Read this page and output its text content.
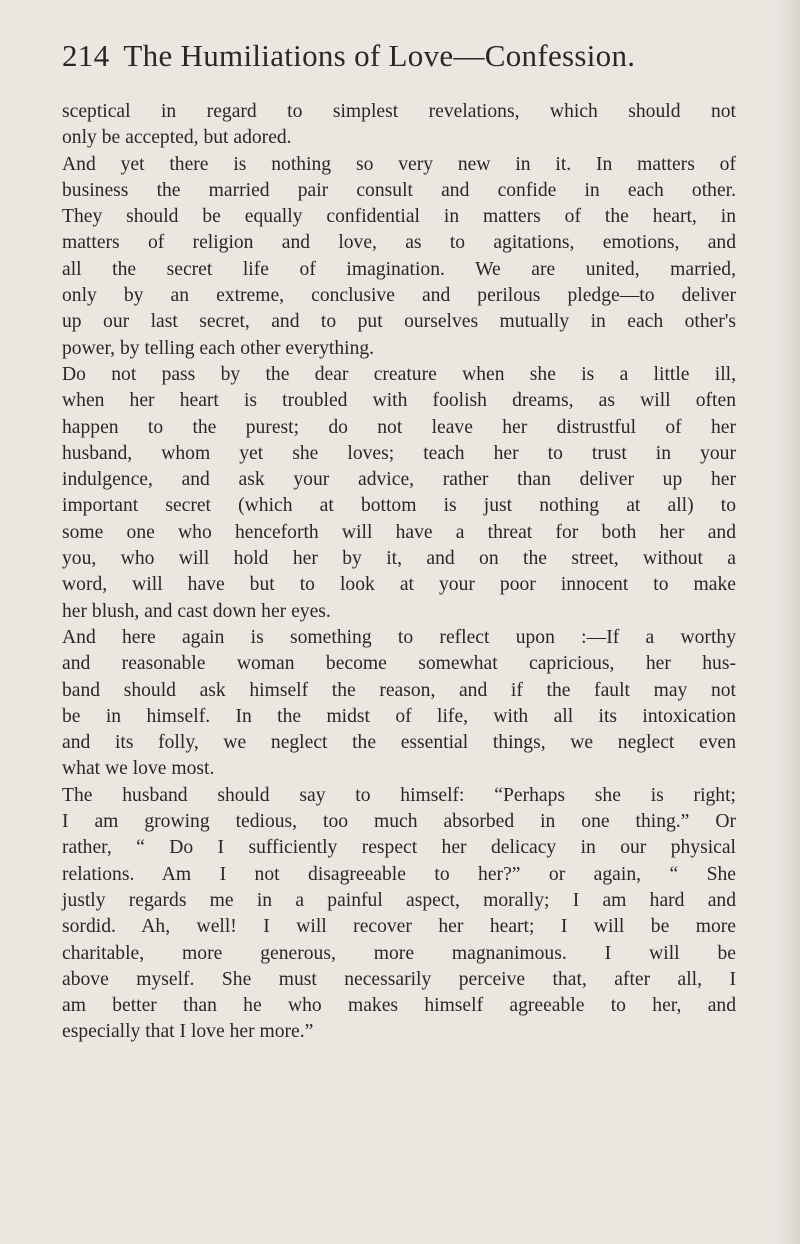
214 The Humiliations of Love—Confession.
sceptical in regard to simplest revelations, which should not
only be accepted, but adored.
And yet there is nothing so very new in it. In matters of
business the married pair consult and confide in each other.
They should be equally confidential in matters of the heart, in
matters of religion and love, as to agitations, emotions, and
all the secret life of imagination. We are united, married,
only by an extreme, conclusive and perilous pledge—to deliver
up our last secret, and to put ourselves mutually in each other's
power, by telling each other everything.
Do not pass by the dear creature when she is a little ill,
when her heart is troubled with foolish dreams, as will often
happen to the purest; do not leave her distrustful of her
husband, whom yet she loves; teach her to trust in your
indulgence, and ask your advice, rather than deliver up her
important secret (which at bottom is just nothing at all) to
some one who henceforth will have a threat for both her and
you, who will hold her by it, and on the street, without a
word, will have but to look at your poor innocent to make
her blush, and cast down her eyes.
And here again is something to reflect upon :—If a worthy
and reasonable woman become somewhat capricious, her hus-
band should ask himself the reason, and if the fault may not
be in himself. In the midst of life, with all its intoxication
and its folly, we neglect the essential things, we neglect even
what we love most.
The husband should say to himself: “Perhaps she is right;
I am growing tedious, too much absorbed in one thing.” Or
rather, “ Do I sufficiently respect her delicacy in our physical
relations. Am I not disagreeable to her?” or again, “ She
justly regards me in a painful aspect, morally; I am hard and
sordid. Ah, well! I will recover her heart; I will be more
charitable, more generous, more magnanimous. I will be
above myself. She must necessarily perceive that, after all, I
am better than he who makes himself agreeable to her, and
especially that I love her more.”
